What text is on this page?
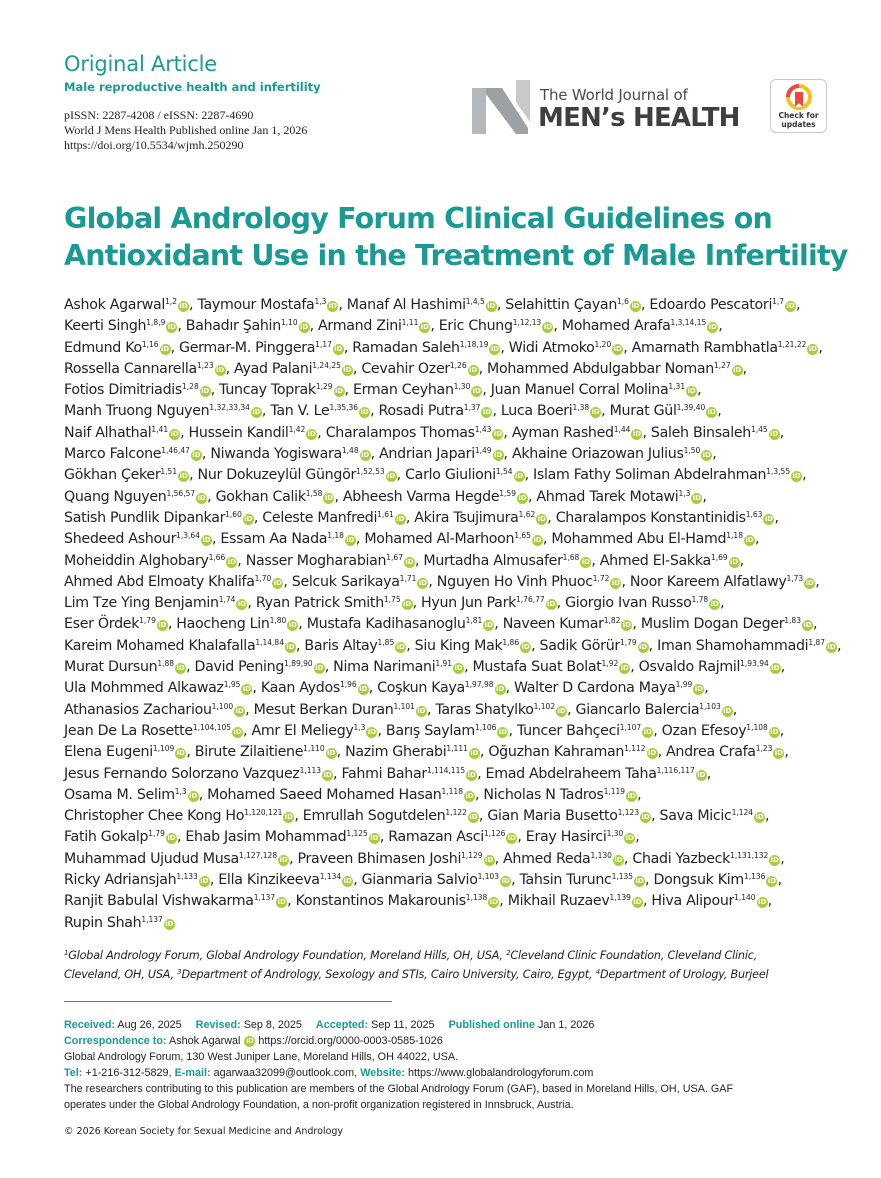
Original Article
Male reproductive health and infertility
pISSN: 2287-4208 / eISSN: 2287-4690
World J Mens Health Published online Jan 1, 2026
https://doi.org/10.5534/wjmh.250290
The World Journal of
MEN’s HEALTH	Check for
updates
Global Andrology Forum Clinical Guidelines on
Antioxidant Use in the Treatment of Male Infertility
Ashok Agarwal$^{1,2}$ iD, Taymour Mostafa$^{1,3}$ iD, Manaf Al Hashimi$^{1,4,5}$ iD, Selahittin Çayan$^{1,6}$ iD, Edoardo Pescatori$^{1,7}$ iD,
Keerti Singh$^{1,8,9}$ iD, Bahadır Şahin$^{1,10}$ iD, Armand Zini$^{1,11}$ iD, Eric Chung$^{1,12,13}$ iD, Mohamed Arafa$^{1,3,14,15}$ iD,
Edmund Ko$^{1,16}$ iD, Germar-M. Pinggera$^{1,17}$ iD, Ramadan Saleh$^{1,18,19}$ iD, Widi Atmoko$^{1,20}$ iD, Amarnath Rambhatla$^{1,21,22}$ iD,
Rossella Cannarella$^{1,23}$ iD, Ayad Palani$^{1,24,25}$ iD, Cevahir Ozer$^{1,26}$ iD, Mohammed Abdulgabbar Noman$^{1,27}$ iD,
Fotios Dimitriadis$^{1,28}$ iD, Tuncay Toprak$^{1,29}$ iD, Erman Ceyhan$^{1,30}$ iD, Juan Manuel Corral Molina$^{1,31}$ iD,
Manh Truong Nguyen$^{1,32,33,34}$ iD, Tan V. Le$^{1,35,36}$ iD, Rosadi Putra$^{1,37}$ iD, Luca Boeri$^{1,38}$ iD, Murat Gül$^{1,39,40}$ iD,
Naif Alhathal$^{1,41}$ iD, Hussein Kandil$^{1,42}$ iD, Charalampos Thomas$^{1,43}$ iD, Ayman Rashed$^{1,44}$ iD, Saleh Binsaleh$^{1,45}$ iD,
Marco Falcone$^{1,46,47}$ iD, Niwanda Yogiswara$^{1,48}$ iD, Andrian Japari$^{1,49}$ iD, Akhaine Oriazowan Julius$^{1,50}$ iD,
Gökhan Çeker$^{1,51}$ iD, Nur Dokuzeylül Güngör$^{1,52,53}$ iD, Carlo Giulioni$^{1,54}$ iD, Islam Fathy Soliman Abdelrahman$^{1,3,55}$ iD,
Quang Nguyen$^{1,56,57}$ iD, Gokhan Calik$^{1,58}$ iD, Abheesh Varma Hegde$^{1,59}$ iD, Ahmad Tarek Motawi$^{1,3}$ iD,
Satish Pundlik Dipankar$^{1,60}$ iD, Celeste Manfredi$^{1,61}$ iD, Akira Tsujimura$^{1,62}$ iD, Charalampos Konstantinidis$^{1,63}$ iD,
Shedeed Ashour$^{1,3,64}$ iD, Essam Aa Nada$^{1,18}$ iD, Mohamed Al-Marhoon$^{1,65}$ iD, Mohammed Abu El-Hamd$^{1,18}$ iD,
Moheiddin Alghobary$^{1,66}$ iD, Nasser Mogharabian$^{1,67}$ iD, Murtadha Almusafer$^{1,68}$ iD, Ahmed El-Sakka$^{1,69}$ iD,
Ahmed Abd Elmoaty Khalifa$^{1,70}$ iD, Selcuk Sarikaya$^{1,71}$ iD, Nguyen Ho Vinh Phuoc$^{1,72}$ iD, Noor Kareem Alfatlawy$^{1,73}$ iD,
Lim Tze Ying Benjamin$^{1,74}$ iD, Ryan Patrick Smith$^{1,75}$ iD, Hyun Jun Park$^{1,76,77}$ iD, Giorgio Ivan Russo$^{1,78}$ iD,
Eser Ördek$^{1,79}$ iD, Haocheng Lin$^{1,80}$ iD, Mustafa Kadihasanoglu$^{1,81}$ iD, Naveen Kumar$^{1,82}$ iD, Muslim Dogan Deger$^{1,83}$ iD,
Kareim Mohamed Khalafalla$^{1,14,84}$ iD, Baris Altay$^{1,85}$ iD, Siu King Mak$^{1,86}$ iD, Sadik Görür$^{1,79}$ iD, Iman Shamohammadi$^{1,87}$ iD,
Murat Dursun$^{1,88}$ iD, David Pening$^{1,89,90}$ iD, Nima Narimani$^{1,91}$ iD, Mustafa Suat Bolat$^{1,92}$ iD, Osvaldo Rajmil$^{1,93,94}$ iD,
Ula Mohmmed Alkawaz$^{1,95}$ iD, Kaan Aydos$^{1,96}$ iD, Coşkun Kaya$^{1,97,98}$ iD, Walter D Cardona Maya$^{1,99}$ iD,
Athanasios Zachariou$^{1,100}$ iD, Mesut Berkan Duran$^{1,101}$ iD, Taras Shatylko$^{1,102}$ iD, Giancarlo Balercia$^{1,103}$ iD,
Jean De La Rosette$^{1,104,105}$ iD, Amr El Meliegy$^{1,3}$ iD, Barış Saylam$^{1,106}$ iD, Tuncer Bahçeci$^{1,107}$ iD, Ozan Efesoy$^{1,108}$ iD,
Elena Eugeni$^{1,109}$ iD, Birute Zilaitiene$^{1,110}$ iD, Nazim Gherabi$^{1,111}$ iD, Oğuzhan Kahraman$^{1,112}$ iD, Andrea Crafa$^{1,23}$ iD,
Jesus Fernando Solorzano Vazquez$^{1,113}$ iD, Fahmi Bahar$^{1,114,115}$ iD, Emad Abdelraheem Taha$^{1,116,117}$ iD,
Osama M. Selim$^{1,3}$ iD, Mohamed Saeed Mohamed Hasan$^{1,118}$ iD, Nicholas N Tadros$^{1,119}$ iD,
Christopher Chee Kong Ho$^{1,120,121}$ iD, Emrullah Sogutdelen$^{1,122}$ iD, Gian Maria Busetto$^{1,123}$ iD, Sava Micic$^{1,124}$ iD,
Fatih Gokalp$^{1,79}$ iD, Ehab Jasim Mohammad$^{1,125}$ iD, Ramazan Asci$^{1,126}$ iD, Eray Hasirci$^{1,30}$ iD,
Muhammad Ujudud Musa$^{1,127,128}$ iD, Praveen Bhimasen Joshi$^{1,129}$ iD, Ahmed Reda$^{1,130}$ iD, Chadi Yazbeck$^{1,131,132}$ iD,
Ricky Adriansjah$^{1,133}$ iD, Ella Kinzikeeva$^{1,134}$ iD, Gianmaria Salvio$^{1,103}$ iD, Tahsin Turunc$^{1,135}$ iD, Dongsuk Kim$^{1,136}$ iD,
Ranjit Babulal Vishwakarma$^{1,137}$ iD, Konstantinos Makarounis$^{1,138}$ iD, Mikhail Ruzaev$^{1,139}$ iD, Hiva Alipour$^{1,140}$ iD,
Rupin Shah$^{1,137}$ iD
$^1$Global Andrology Forum, Global Andrology Foundation, Moreland Hills, OH, USA, $^2$Cleveland Clinic Foundation, Cleveland Clinic,
Cleveland, OH, USA, $^3$Department of Andrology, Sexology and STIs, Cairo University, Cairo, Egypt, $^4$Department of Urology, Burjeel
Received: Aug 26, 2025 Revised: Sep 8, 2025 Accepted: Sep 11, 2025 Published online Jan 1, 2026
Correspondence to: Ashok Agarwal iD https://orcid.org/0000-0003-0585-1026
Global Andrology Forum, 130 West Juniper Lane, Moreland Hills, OH 44022, USA.
Tel: +1-216-312-5829, E-mail: agarwaa32099@outlook.com, Website: https://www.globalandrologyforum.com
The researchers contributing to this publication are members of the Global Andrology Forum (GAF), based in Moreland Hills, OH, USA. GAF
operates under the Global Andrology Foundation, a non-profit organization registered in Innsbruck, Austria.
© 2026 Korean Society for Sexual Medicine and Andrology
